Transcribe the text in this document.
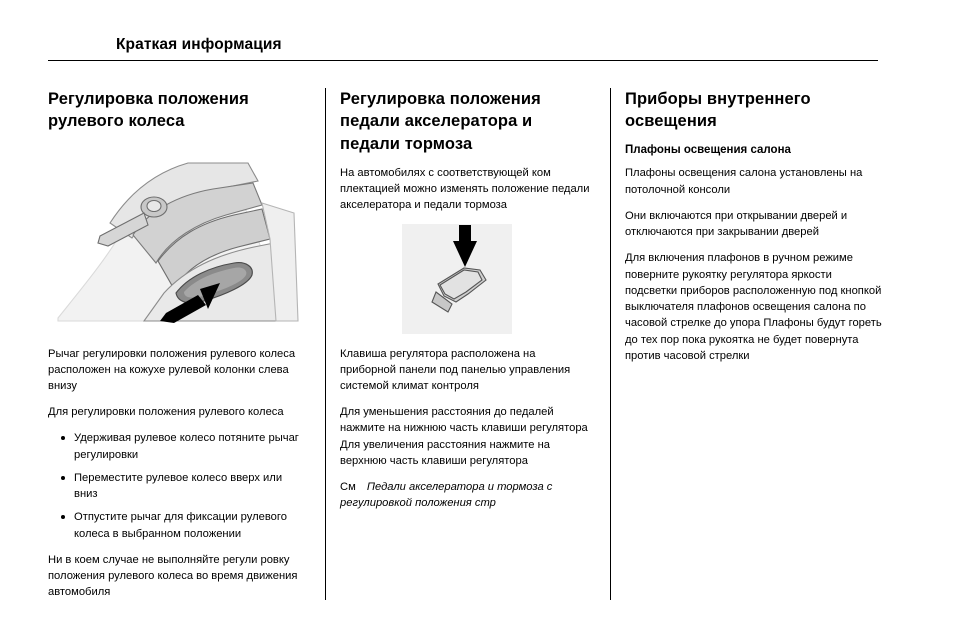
Краткая информация
Регулировка положения рулевого колеса

Рычаг регулировки положения рулевого колеса расположен на кожухе рулевой колонки слева внизу

Для регулировки положения рулевого колеса

Удерживая рулевое колесо потяните рычаг регулировки
Переместите рулевое колесо вверх или вниз
Отпустите рычаг для фиксации рулевого колеса в выбранном положении

Ни в коем случае не выполняйте регули ровку положения рулевого колеса во время движения автомобиля

Регулировка положения педали акселератора и педали тормоза

На автомобилях с соответствующей ком плектацией можно изменять положение педали акселератора и педали тормоза

Клавиша регулятора расположена на приборной панели под панелью управления системой климат контроля

Для уменьшения расстояния до педалей нажмите на нижнюю часть клавиши регулятора Для увеличения расстояния нажмите на верхнюю часть клавиши регулятора

См Педали акселератора и тормоза с регулировкой положения стр

Приборы внутреннего освещения
Плафоны освещения салона

Плафоны освещения салона установлены на потолочной консоли

Они включаются при открывании дверей и отключаются при закрывании дверей

Для включения плафонов в ручном режиме поверните рукоятку регулятора яркости подсветки приборов расположенную под кнопкой выключателя плафонов освещения салона по часовой стрелке до упора Плафоны будут гореть до тех пор пока рукоятка не будет повернута против часовой стрелки
